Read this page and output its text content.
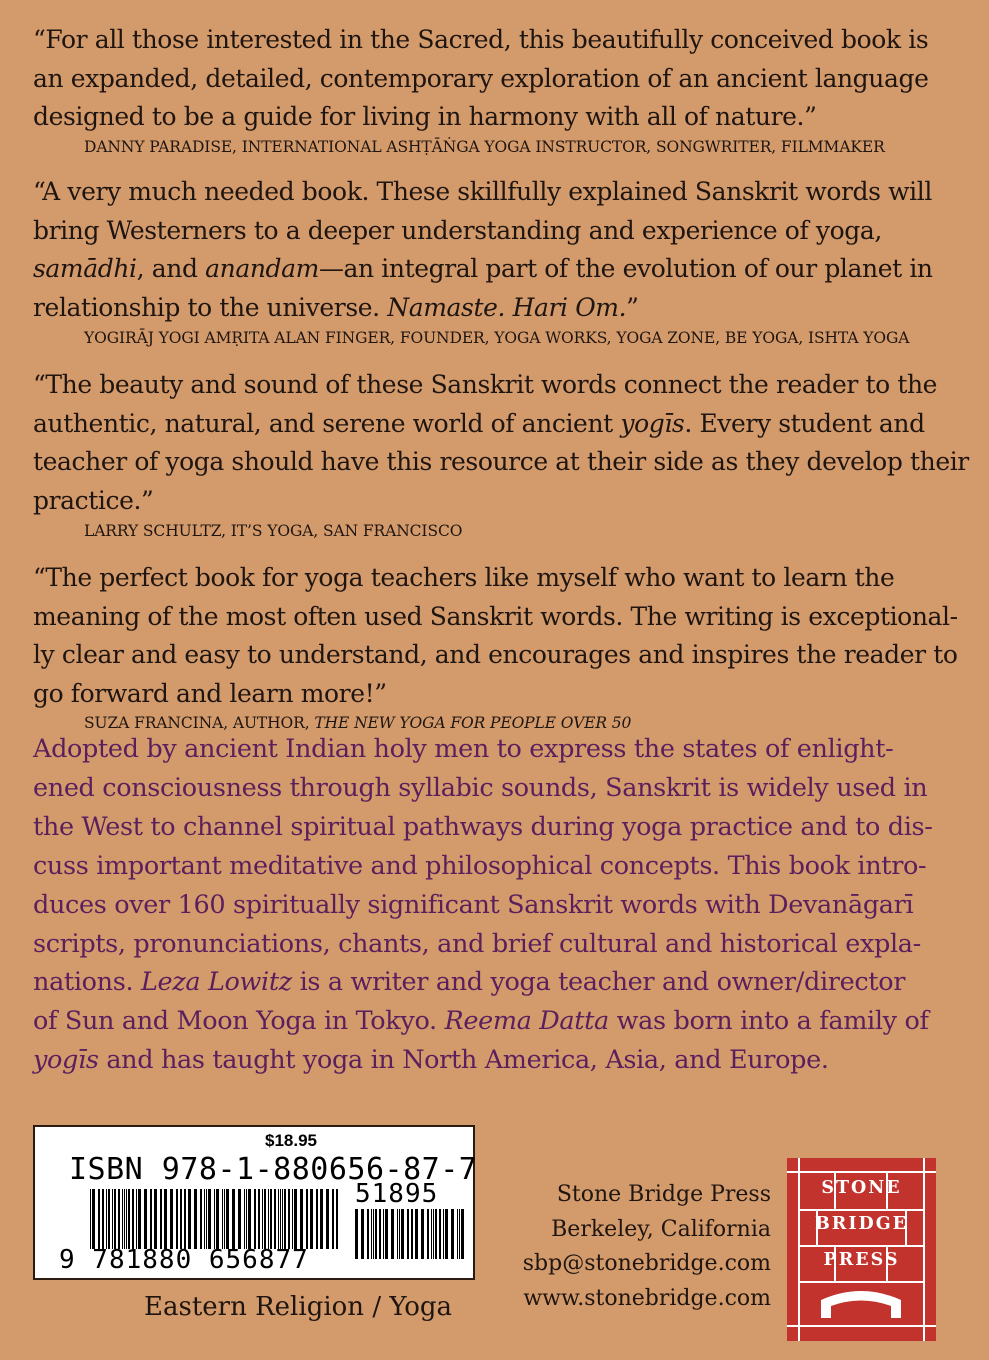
“For all those interested in the Sacred, this beautifully conceived book is
an expanded, detailed, contemporary exploration of an ancient language
designed to be a guide for living in harmony with all of nature.”
DANNY PARADISE, INTERNATIONAL ASHṬĀṄGA YOGA INSTRUCTOR, SONGWRITER, FILMMAKER
“A very much needed book. These skillfully explained Sanskrit words will
bring Westerners to a deeper understanding and experience of yoga,
samādhi, and anandam—an integral part of the evolution of our planet in
relationship to the universe. Namaste. Hari Om.”
YOGIRĀJ YOGI AMṚITA ALAN FINGER, FOUNDER, YOGA WORKS, YOGA ZONE, BE YOGA, ISHTA YOGA
“The beauty and sound of these Sanskrit words connect the reader to the
authentic, natural, and serene world of ancient yogīs. Every student and
teacher of yoga should have this resource at their side as they develop their
practice.”
LARRY SCHULTZ, IT’S YOGA, SAN FRANCISCO
“The perfect book for yoga teachers like myself who want to learn the
meaning of the most often used Sanskrit words. The writing is exceptional-
ly clear and easy to understand, and encourages and inspires the reader to
go forward and learn more!”
SUZA FRANCINA, AUTHOR, THE NEW YOGA FOR PEOPLE OVER 50
Adopted by ancient Indian holy men to express the states of enlight-
ened consciousness through syllabic sounds, Sanskrit is widely used in
the West to channel spiritual pathways during yoga practice and to dis-
cuss important meditative and philosophical concepts. This book intro-
duces over 160 spiritually significant Sanskrit words with Devanāgarī
scripts, pronunciations, chants, and brief cultural and historical expla-
nations. Leza Lowitz is a writer and yoga teacher and owner/director
of Sun and Moon Yoga in Tokyo. Reema Datta was born into a family of
yogīs and has taught yoga in North America, Asia, and Europe.
$18.95
ISBN 978-1-880656-87-7
51895
9 781880 656877
Eastern Religion / Yoga
Stone Bridge Press
Berkeley, California
sbp@stonebridge.com
www.stonebridge.com
STONE
BRIDGE
PRESS
